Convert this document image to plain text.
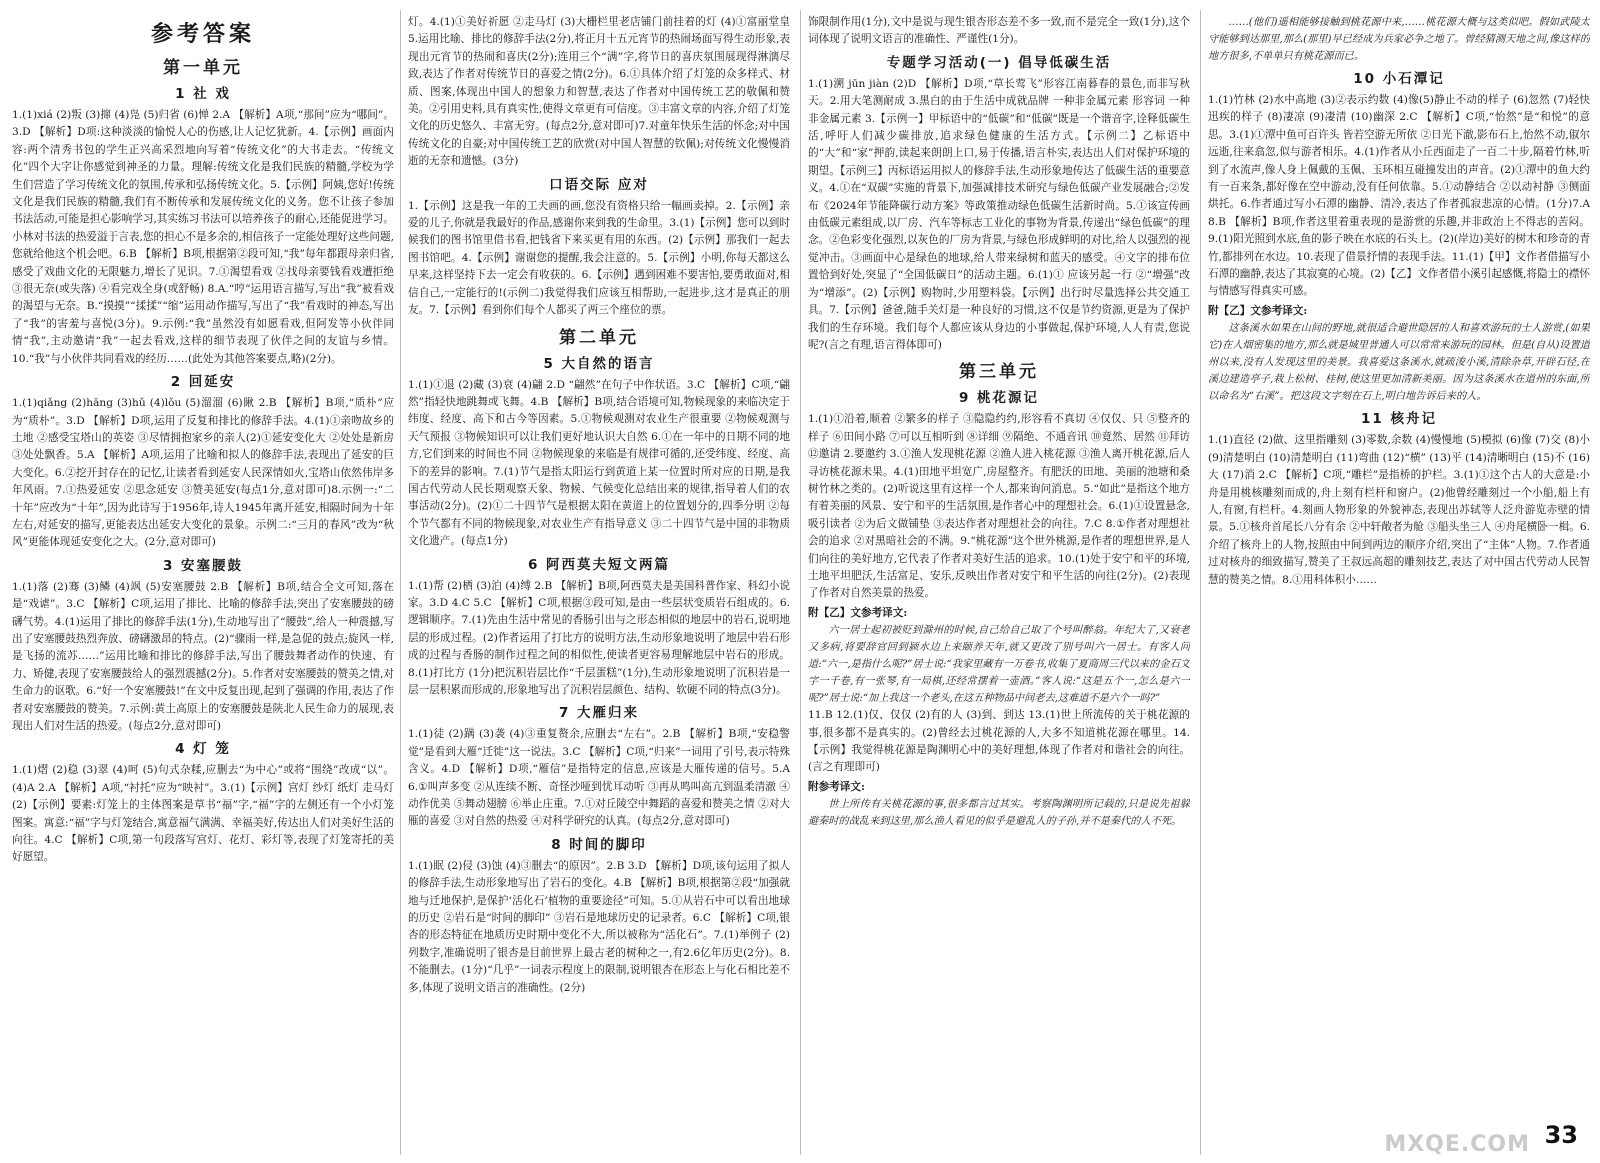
参考答案
第一单元
1 社 戏

1.(1)xiá (2)叛 (3)撺 (4)凫 (5)归省 (6)惮 2.A 【解析】A项,“那间”应为“哪间”。3.D 【解析】D项:这种淡淡的愉悦人心的伤感,让人记忆犹新。4.【示例】画面内容:两个清秀书包的学生正兴高采烈地向写着“传统文化”的大书走去。“传统文化”四个大字让你感觉到神圣的力量。理解:传统文化是我们民族的精髓,学校为学生们营造了学习传统文化的氛围,传承和弘扬传统文化。5.【示例】阿姨,您好!传统文化是我们民族的精髓,我们有不断传承和发展传统文化的义务。您不让孩子参加书法活动,可能是担心影响学习,其实练习书法可以培养孩子的耐心,还能促进学习。小林对书法的热爱溢于言表,您的担心不是多余的,相信孩子一定能处理好这些问题,您就给他这个机会吧。6.B 【解析】B项,根据第②段可知,“我”每年都跟母亲归省,感受了戏曲文化的无限魅力,增长了见识。7.①渴望看戏 ②找母亲要钱看戏遭拒绝 ③很无奈(或失落) ④看完戏全身(或舒畅) 8.A.“哼”运用语言描写,写出“我”被看戏的渴望与无奈。B.“摸摸”“揉揉”“缩”运用动作描写,写出了“我”看戏时的神态,写出了“我”的害羞与喜悦(3分)。9.示例:“我”虽然没有如愿看戏,但阿发等小伙伴同情“我”,主动邀请“我”一起去看戏,这样的细节表现了伙伴之间的友谊与乡情。10.“我”与小伙伴共同看戏的经历……(此处为其他答案要点,略)(2分)。

2 回延安

1.(1)qiǎng (2)hāng (3)hǔ (4)lǒu (5)溜溜 (6)瞅 2.B 【解析】B项,“质朴”应为“质朴”。3.D 【解析】D项,运用了反复和排比的修辞手法。4.(1)①亲吻故乡的土地 ②感受宝塔山的英姿 ③尽情拥抱家乡的亲人(2)①延安变化大 ②处处是新房 ③处处飘香。5.A 【解析】A项,运用了比喻和拟人的修辞手法,表现出了延安的巨大变化。6.②挖开封存在的记忆,让读者看到延安人民深情如火,宝塔山依然伟岸多年风雨。7.①热爱延安 ②思念延安 ③赞美延安(每点1分,意对即可)8.示例一:“二十年”应改为“十年”,因为此诗写于1956年,诗人1945年离开延安,相隔时间为十年左右,对延安的描写,更能表达出延安大变化的景象。示例二:“三月的春风”改为“秋风”更能体现延安变化之大。(2分,意对即可)

3 安塞腰鼓

1.(1)落 (2)骞 (3)鳞 (4)飒 (5)安塞腰鼓 2.B 【解析】B项,结合全文可知,落在是“戏谑”。3.C 【解析】C项,运用了排比、比喻的修辞手法,突出了安塞腰鼓的磅礴气势。4.(1)运用了排比的修辞手法(1分),生动地写出了“腰鼓”,给人一种震撼,写出了安塞腰鼓热烈奔放、磅礴激昂的特点。(2)“骤雨一样,是急促的鼓点;旋风一样,是飞扬的流苏……”运用比喻和排比的修辞手法,写出了腰鼓舞者动作的快速、有力、矫健,表现了安塞腰鼓给人的强烈震撼(2分)。5.作者对安塞腰鼓的赞美之情,对生命力的讴歌。6.“好一个安塞腰鼓!”在文中反复出现,起到了强调的作用,表达了作者对安塞腰鼓的赞美。7.示例:黄土高原上的安塞腰鼓是陕北人民生命力的展现,表现出人们对生活的热爱。(每点2分,意对即可)

4 灯 笼

1.(1)熠 (2)稳 (3)翠 (4)呵 (5)句式杂糅,应删去“为中心”或将“围绕”改成“以”。(4)A 2.A 【解析】A项,“衬托”应为“映衬”。3.(1)【示例】宫灯 纱灯 纸灯 走马灯 (2)【示例】要素:灯笼上的主体图案是草书“福”字,“福”字的左侧还有一个小灯笼图案。寓意:“福”字与灯笼结合,寓意福气满满、幸福美好,传达出人们对美好生活的向往。4.C 【解析】C项,第一句段落写宫灯、花灯、彩灯等,表现了灯笼寄托的美好愿望。

灯。4.(1)①美好祈愿 ②走马灯 (3)大栅栏里老店铺门前挂着的灯 (4)①富丽堂皇 5.运用比喻、排比的修辞手法(2分),将正月十五元宵节的热闹场面写得生动形象,表现出元宵节的热闹和喜庆(2分);连用三个“满”字,将节日的喜庆氛围展现得淋漓尽致,表达了作者对传统节日的喜爱之情(2分)。6.①具体介绍了灯笼的众多样式、材质、图案,体现出中国人的想象力和智慧,表达了作者对中国传统工艺的敬佩和赞美。②引用史料,具有真实性,使得文章更有可信度。③丰富文章的内容,介绍了灯笼文化的历史悠久、丰富无穷。(每点2分,意对即可)7.对童年快乐生活的怀念;对中国传统文化的自豪;对中国传统工艺的欣赏(对中国人智慧的钦佩);对传统文化慢慢消逝的无奈和遗憾。(3分)

口语交际 应对

1.【示例】这是我一年的工夫画的画,您没有资格只给一幅画卖掉。2.【示例】亲爱的儿子,你就是我最好的作品,感谢你来到我的生命里。3.(1)【示例】您可以到时候我们的图书馆里借书看,把钱省下来买更有用的东西。(2)【示例】那我们一起去图书馆吧。4.【示例】谢谢您的提醒,我会注意的。5.【示例】小明,你每天都这么早来,这样坚持下去一定会有收获的。6.【示例】遇到困难不要害怕,要勇敢面对,相信自己,一定能行的!(示例二)我觉得我们应该互相帮助,一起进步,这才是真正的朋友。7.【示例】看到你们每个人都买了两三个座位的票。

第二单元
5 大自然的语言

1.(1)①退 (2)藏 (3)衰 (4)翩 2.D “翩然”在句子中作状语。3.C 【解析】C项,“翩然”指轻快地跳舞或飞舞。4.B 【解析】B项,结合语境可知,物候现象的来临决定于纬度、经度、高下和古今等因素。5.①物候观测对农业生产很重要 ②物候观测与天气预报 ③物候知识可以让我们更好地认识大自然 6.①在一年中的日期不同的地方,它们到来的时间也不同 ②物候现象的来临是有规律可循的,还受纬度、经度、高下的差异的影响。7.(1)节气是指太阳运行到黄道上某一位置时所对应的日期,是我国古代劳动人民长期观察天象、物候、气候变化总结出来的规律,指导着人们的农事活动(2分)。(2)①二十四节气是根据太阳在黄道上的位置划分的,四季分明 ②每个节气都有不同的物候现象,对农业生产有指导意义 ③二十四节气是中国的非物质文化遗产。(每点1分)

6 阿西莫夫短文两篇

1.(1)帮 (2)栖 (3)泊 (4)缚 2.B 【解析】B项,阿西莫夫是美国科普作家、科幻小说家。3.D 4.C 5.C 【解析】C项,根据③段可知,是由一些层状变质岩石组成的。6.逻辑顺序。7.(1)先由生活中常见的香肠引出与之形态相似的地层中的岩石,说明地层的形成过程。(2)作者运用了打比方的说明方法,生动形象地说明了地层中岩石形成的过程与香肠的制作过程之间的相似性,使读者更容易理解地层中岩石的形成。8.(1)打比方 (1分)把沉积岩层比作“千层蛋糕”(1分),生动形象地说明了沉积岩是一层一层积累而形成的,形象地写出了沉积岩层颜色、结构、软硬不同的特点(3分)。

7 大雁归来

1.(1)徒 (2)蹒 (3)袭 (4)③重复赘余,应删去“左右”。2.B 【解析】B项,“安稳警觉”是看到大雁“迁徙”这一说法。3.C 【解析】C项,“归来”一词用了引号,表示特殊含义。4.D 【解析】D项,“雁信”是指特定的信息,应该是大雁传递的信号。5.A 6.①叫声多变 ②从连续不断、奇怪沙哑到忧耳动听 ③再从鸣叫高亢到温柔清澈 ④动作优美 ⑤舞动翅膀 ⑥举止庄重。7.①对丘陵空中舞蹈的喜爱和赞美之情 ②对大雁的喜爱 ③对自然的热爱 ④对科学研究的认真。(每点2分,意对即可)

8 时间的脚印

1.(1)眠 (2)侵 (3)蚀 (4)③删去“的原因”。2.B 3.D 【解析】D项,该句运用了拟人的修辞手法,生动形象地写出了岩石的变化。4.B 【解析】B项,根据第②段“加强就地与迁地保护,是保护‘活化石’植物的重要途径”可知。5.①从岩石中可以看出地球的历史 ②岩石是“时间的脚印” ③岩石是地球历史的记录者。6.C 【解析】C项,银杏的形态特征在地质历史时期中变化不大,所以被称为“活化石”。7.(1)举例子 (2)列数字,准确说明了银杏是目前世界上最古老的树种之一,有2.6亿年历史(2分)。8.不能删去。(1分)“几乎”一词表示程度上的限制,说明银杏在形态上与化石相比差不多,体现了说明文语言的准确性。(2分)

饰限制作用(1分),文中是说与现生银杏形态差不多一致,而不是完全一致(1分),这个词体现了说明文语言的准确性、严谨性(1分)。

专题学习活动(一) 倡导低碳生活

1.(1)溯 jūn jiàn (2)D 【解析】D项,“草长莺飞”形容江南暮春的景色,而非写秋天。2.用大笔测耐成 3.黑白的由于生活中成就品牌 一种非金属元素 形容词 一种非金属元素 3.【示例一】甲标语中的“低碳”和“低碳”既是一个谐音字,诠释低碳生活,呼吁人们减少碳排放,追求绿色健康的生活方式。【示例二】乙标语中的“大”和“家”押韵,读起来朗朗上口,易于传播,语言朴实,表达出人们对保护环境的期望。【示例三】丙标语运用拟人的修辞手法,生动形象地传达了低碳生活的重要意义。4.①在“双碳”实施的背景下,加强减排技术研究与绿色低碳产业发展融合;②发布《2024年节能降碳行动方案》等政策推动绿色低碳生活新时尚。5.①该宣传画由低碳元素组成,以厂房、汽车等标志工业化的事物为背景,传递出“绿色低碳”的理念。②色彩变化强烈,以灰色的厂房为背景,与绿色形成鲜明的对比,给人以强烈的视觉冲击。③画面中心是绿色的地球,给人带来绿树和蓝天的感受。④文字的排布位置恰到好处,突显了“全国低碳日”的活动主题。6.(1)① 应该另起一行 ②“增强”改为“增添”。(2)【示例】购物时,少用塑料袋。【示例】出行时尽量选择公共交通工具。7.【示例】爸爸,随手关灯是一种良好的习惯,这不仅是节约资源,更是为了保护我们的生存环境。我们每个人都应该从身边的小事做起,保护环境,人人有责,您说呢?(言之有理,语言得体即可)

第三单元
9 桃花源记

1.(1)①沿着,顺着 ②繁多的样子 ③隐隐约约,形容看不真切 ④仅仅、只 ⑤整齐的样子 ⑥田间小路 ⑦可以互相听到 ⑧详细 ⑨隔绝、不通音讯 ⑩竟然、居然 ⑪拜访 ⑫邀请 2.要邀约 3.①渔人发现桃花源 ②渔人进入桃花源 ③渔人离开桃花源,后人寻访桃花源未果。4.(1)田地平坦宽广,房屋整齐。有肥沃的田地、美丽的池塘和桑树竹林之类的。(2)听说这里有这样一个人,都来询问消息。5.“如此”是指这个地方有着美丽的风景、安宁和平的生活氛围,是作者心中的理想社会。6.(1)①设置悬念,吸引读者 ②为后文做铺垫 ③表达作者对理想社会的向往。7.C 8.①作者对理想社会的追求 ②对黑暗社会的不满。9.“桃花源”这个世外桃源,是作者的理想世界,是人们向往的美好地方,它代表了作者对美好生活的追求。10.(1)处于安宁和平的环境,土地平坦肥沃,生活富足、安乐,反映出作者对安宁和平生活的向往(2分)。(2)表现了作者对自然美景的热爱。

附【乙】文参考译文:

六一居士起初被贬到滁州的时候,自己给自己取了个号叫醉翁。年纪大了,又衰老又多病,将要辞官回到颍水边上来颐养天年,就又更改了别号叫六一居士。有客人问道:“六一,是指什么呢?”居士说:“我家里藏有一万卷书,收集了夏商周三代以来的金石文字一千卷,有一张琴,有一局棋,还经常摆着一壶酒。”客人说:“这是五个一,怎么是六一呢?”居士说:“加上我这一个老头,在这五种物品中间老去,这难道不是六个一吗?”

11.B 12.(1)仅、仅仅 (2)有的人 (3)到、到达 13.(1)世上所流传的关于桃花源的事,很多都不是真实的。(2)曾经去过桃花源的人,大多不知道桃花源在哪里。14.【示例】我觉得桃花源是陶渊明心中的美好理想,体现了作者对和谐社会的向往。(言之有理即可)

附参考译文:

世上所传有关桃花源的事,很多都言过其实。考察陶渊明所记载的,只是说先祖躲避秦时的战乱来到这里,那么渔人看见的似乎是避乱人的子孙,并不是秦代的人不死。

……(他们)遥相能够接触到桃花源中来,……桃花源大概与这类似吧。假如武陵太守能够到达那里,那么(那里)早已经成为兵家必争之地了。曾经猜测天地之间,像这样的地方很多,不单单只有桃花源而已。

10 小石潭记

1.(1)竹林 (2)水中高地 (3)②表示约数 (4)像(5)静止不动的样子 (6)忽然 (7)轻快迅疾的样子 (8)凄凉 (9)凄清 (10)幽深 2.C 【解析】C项,“怡然”是“和悦”的意思。3.(1)①潭中鱼可百许头 皆若空游无所依 ②日光下澈,影布石上,怡然不动,俶尔远逝,往来翕忽,似与游者相乐。4.(1)作者从小丘西面走了一百二十步,隔着竹林,听到了水流声,像人身上佩戴的玉佩、玉环相互碰撞发出的声音。(2)①潭中的鱼大约有一百来条,都好像在空中游动,没有任何依靠。5.①动静结合 ②以动衬静 ③侧面烘托。6.作者通过写小石潭的幽静、清冷,表达了作者孤寂悲凉的心情。(1分)7.A 8.B 【解析】B项,作者这里着重表现的是游赏的乐趣,并非政治上不得志的苦闷。9.(1)阳光照到水底,鱼的影子映在水底的石头上。(2)(岸边)美好的树木和珍奇的青竹,都排列在水边。10.表现了借景抒情的表现手法。11.(1)【甲】文作者借描写小石潭的幽静,表达了其寂寞的心境。(2)【乙】文作者借小溪引起感慨,将隐士的襟怀与情感写得真实可感。

附【乙】文参考译文:

这条溪水如果在山间的野地,就很适合避世隐居的人和喜欢游玩的士人游赏,(如果它)在人烟密集的地方,那么就是城里普通人可以常常来游玩的园林。但是(自从)设置道州以来,没有人发现这里的美景。我喜爱这条溪水,就疏浚小溪,清除杂草,开辟石径,在溪边建造亭子,栽上松树、桂树,使这里更加清新美丽。因为这条溪水在道州的东面,所以命名为“右溪”。把这段文字刻在石上,明白地告诉后来的人。

11 核舟记

1.(1)直径 (2)做、这里指雕刻 (3)零数,余数 (4)慢慢地 (5)模拟 (6)像 (7)交 (8)小 (9)清楚明白 (10)清楚明白 (11)弯曲 (12)“横” (13)平 (14)清晰明白 (15)不 (16)大 (17)消 2.C 【解析】C项,“雕栏”是指桥的护栏。3.(1)①这个古人的大意是:小舟是用桃核雕刻而成的,舟上刻有栏杆和窗户。(2)他曾经雕刻过一个小船,船上有人,有窗,有栏杆。4.刻画人物形象的外貌神态,表现出苏轼等人泛舟游览赤壁的情景。5.①核舟首尾长八分有余 ②中轩敞者为舱 ③船头坐三人 ④舟尾横卧一楫。6.介绍了核舟上的人物,按照由中间到两边的顺序介绍,突出了“主体”人物。7.作者通过对核舟的细致描写,赞美了王叔远高超的雕刻技艺,表达了对中国古代劳动人民智慧的赞美之情。8.①用科体积小……

MXQE.COM 33
